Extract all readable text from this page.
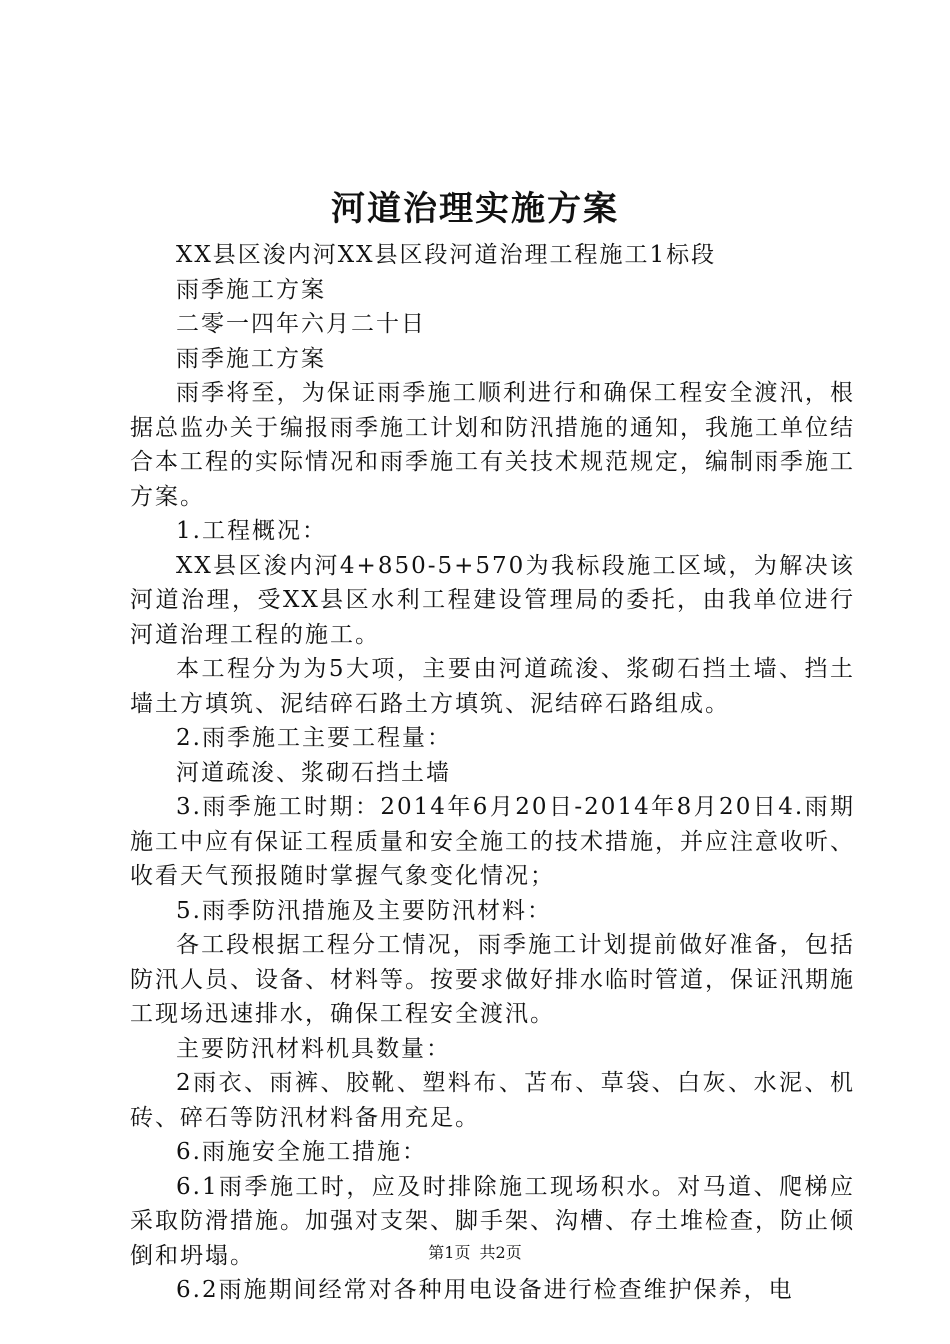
河道治理实施方案

XX县区浚内河XX县区段河道治理工程施工1标段

雨季施工方案

二零一四年六月二十日

雨季施工方案

雨季将至，为保证雨季施工顺利进行和确保工程安全渡汛，根据总监办关于编报雨季施工计划和防汛措施的通知，我施工单位结合本工程的实际情况和雨季施工有关技术规范规定，编制雨季施工方案。

1.工程概况：

XX县区浚内河4+850-5+570为我标段施工区域，为解决该河道治理，受XX县区水利工程建设管理局的委托，由我单位进行河道治理工程的施工。

本工程分为为5大项，主要由河道疏浚、浆砌石挡土墙、挡土墙土方填筑、泥结碎石路土方填筑、泥结碎石路组成。

2.雨季施工主要工程量：

河道疏浚、浆砌石挡土墙

3.雨季施工时期：2014年6月20日-2014年8月20日4.雨期施工中应有保证工程质量和安全施工的技术措施，并应注意收听、收看天气预报随时掌握气象变化情况；

5.雨季防汛措施及主要防汛材料：

各工段根据工程分工情况，雨季施工计划提前做好准备，包括防汛人员、设备、材料等。按要求做好排水临时管道，保证汛期施工现场迅速排水，确保工程安全渡汛。

主要防汛材料机具数量：

2雨衣、雨裤、胶靴、塑料布、苫布、草袋、白灰、水泥、机砖、碎石等防汛材料备用充足。

6.雨施安全施工措施：

6.1雨季施工时，应及时排除施工现场积水。对马道、爬梯应采取防滑措施。加强对支架、脚手架、沟槽、存土堆检查，防止倾倒和坍塌。

6.2雨施期间经常对各种用电设备进行检查维护保养，电

第1页 共2页
